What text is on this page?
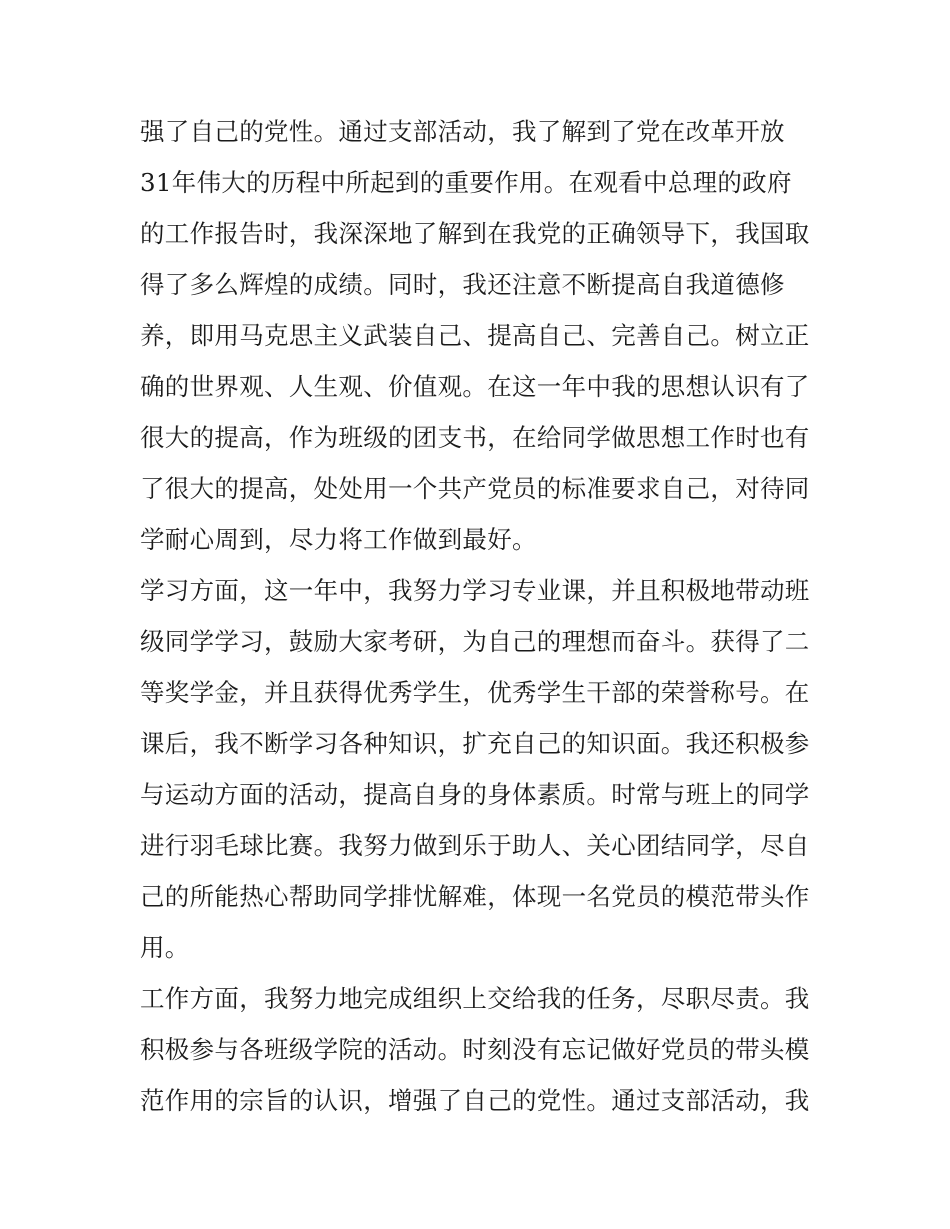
强了自己的党性。通过支部活动，我了解到了党在改革开放
31年伟大的历程中所起到的重要作用。在观看中总理的政府
的工作报告时，我深深地了解到在我党的正确领导下，我国取
得了多么辉煌的成绩。同时，我还注意不断提高自我道德修
养，即用马克思主义武装自己、提高自己、完善自己。树立正
确的世界观、人生观、价值观。在这一年中我的思想认识有了
很大的提高，作为班级的团支书，在给同学做思想工作时也有
了很大的提高，处处用一个共产党员的标准要求自己，对待同
学耐心周到，尽力将工作做到最好。
学习方面，这一年中，我努力学习专业课，并且积极地带动班
级同学学习，鼓励大家考研，为自己的理想而奋斗。获得了二
等奖学金，并且获得优秀学生，优秀学生干部的荣誉称号。在
课后，我不断学习各种知识，扩充自己的知识面。我还积极参
与运动方面的活动，提高自身的身体素质。时常与班上的同学
进行羽毛球比赛。我努力做到乐于助人、关心团结同学，尽自
己的所能热心帮助同学排忧解难，体现一名党员的模范带头作
用。
工作方面，我努力地完成组织上交给我的任务，尽职尽责。我
积极参与各班级学院的活动。时刻没有忘记做好党员的带头模
范作用的宗旨的认识，增强了自己的党性。通过支部活动，我
